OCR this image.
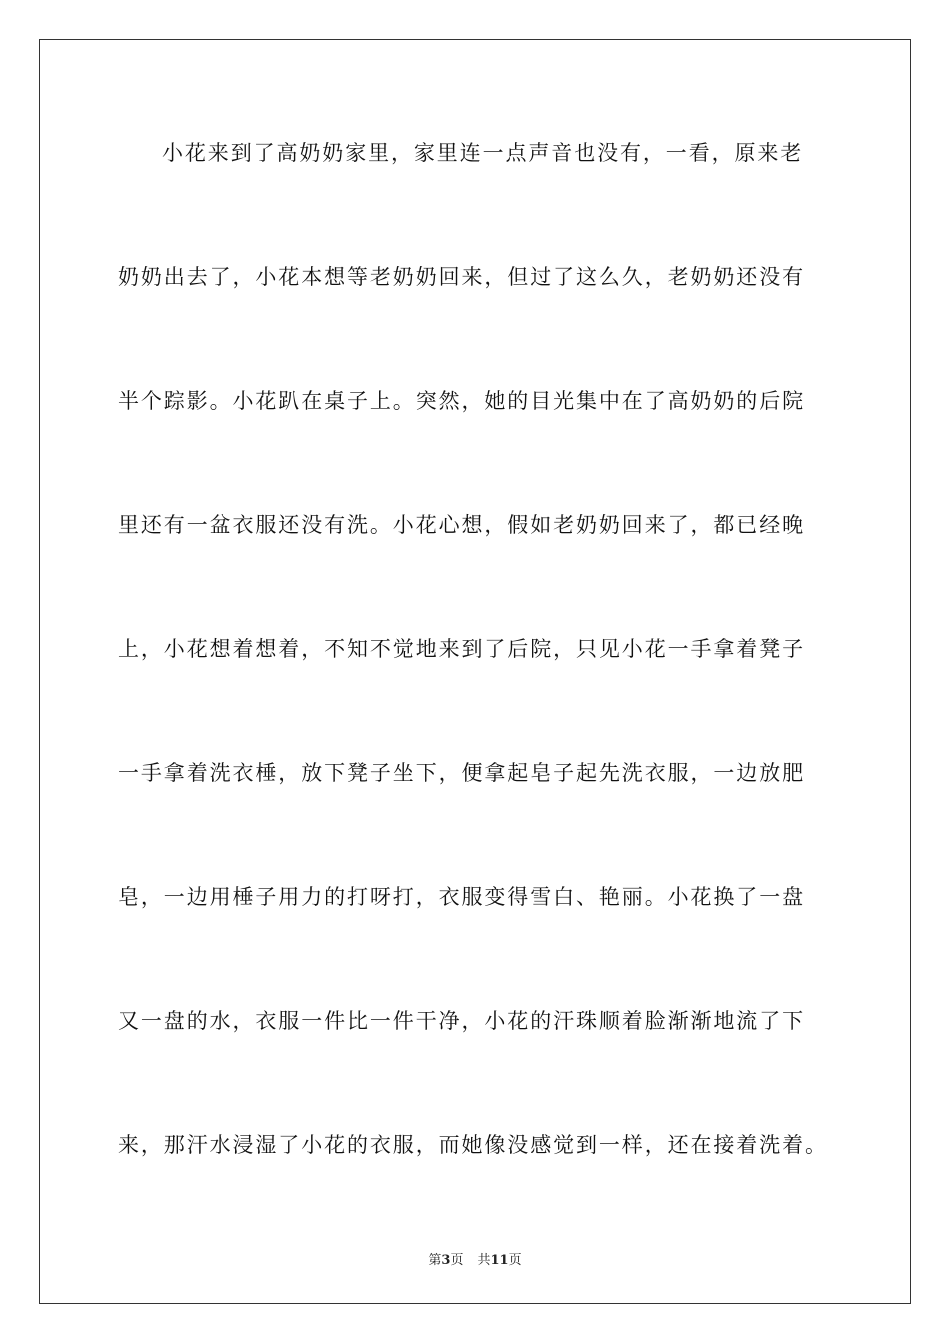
小花来到了高奶奶家里，家里连一点声音也没有，一看，原来老
奶奶出去了，小花本想等老奶奶回来，但过了这么久，老奶奶还没有
半个踪影。小花趴在桌子上。突然，她的目光集中在了高奶奶的后院
里还有一盆衣服还没有洗。小花心想，假如老奶奶回来了，都已经晚
上，小花想着想着，不知不觉地来到了后院，只见小花一手拿着凳子
一手拿着洗衣棰，放下凳子坐下，便拿起皂子起先洗衣服，一边放肥
皂，一边用棰子用力的打呀打，衣服变得雪白、艳丽。小花换了一盘
又一盘的水，衣服一件比一件干净，小花的汗珠顺着脸渐渐地流了下
来，那汗水浸湿了小花的衣服，而她像没感觉到一样，还在接着洗着。
第3页 共11页
